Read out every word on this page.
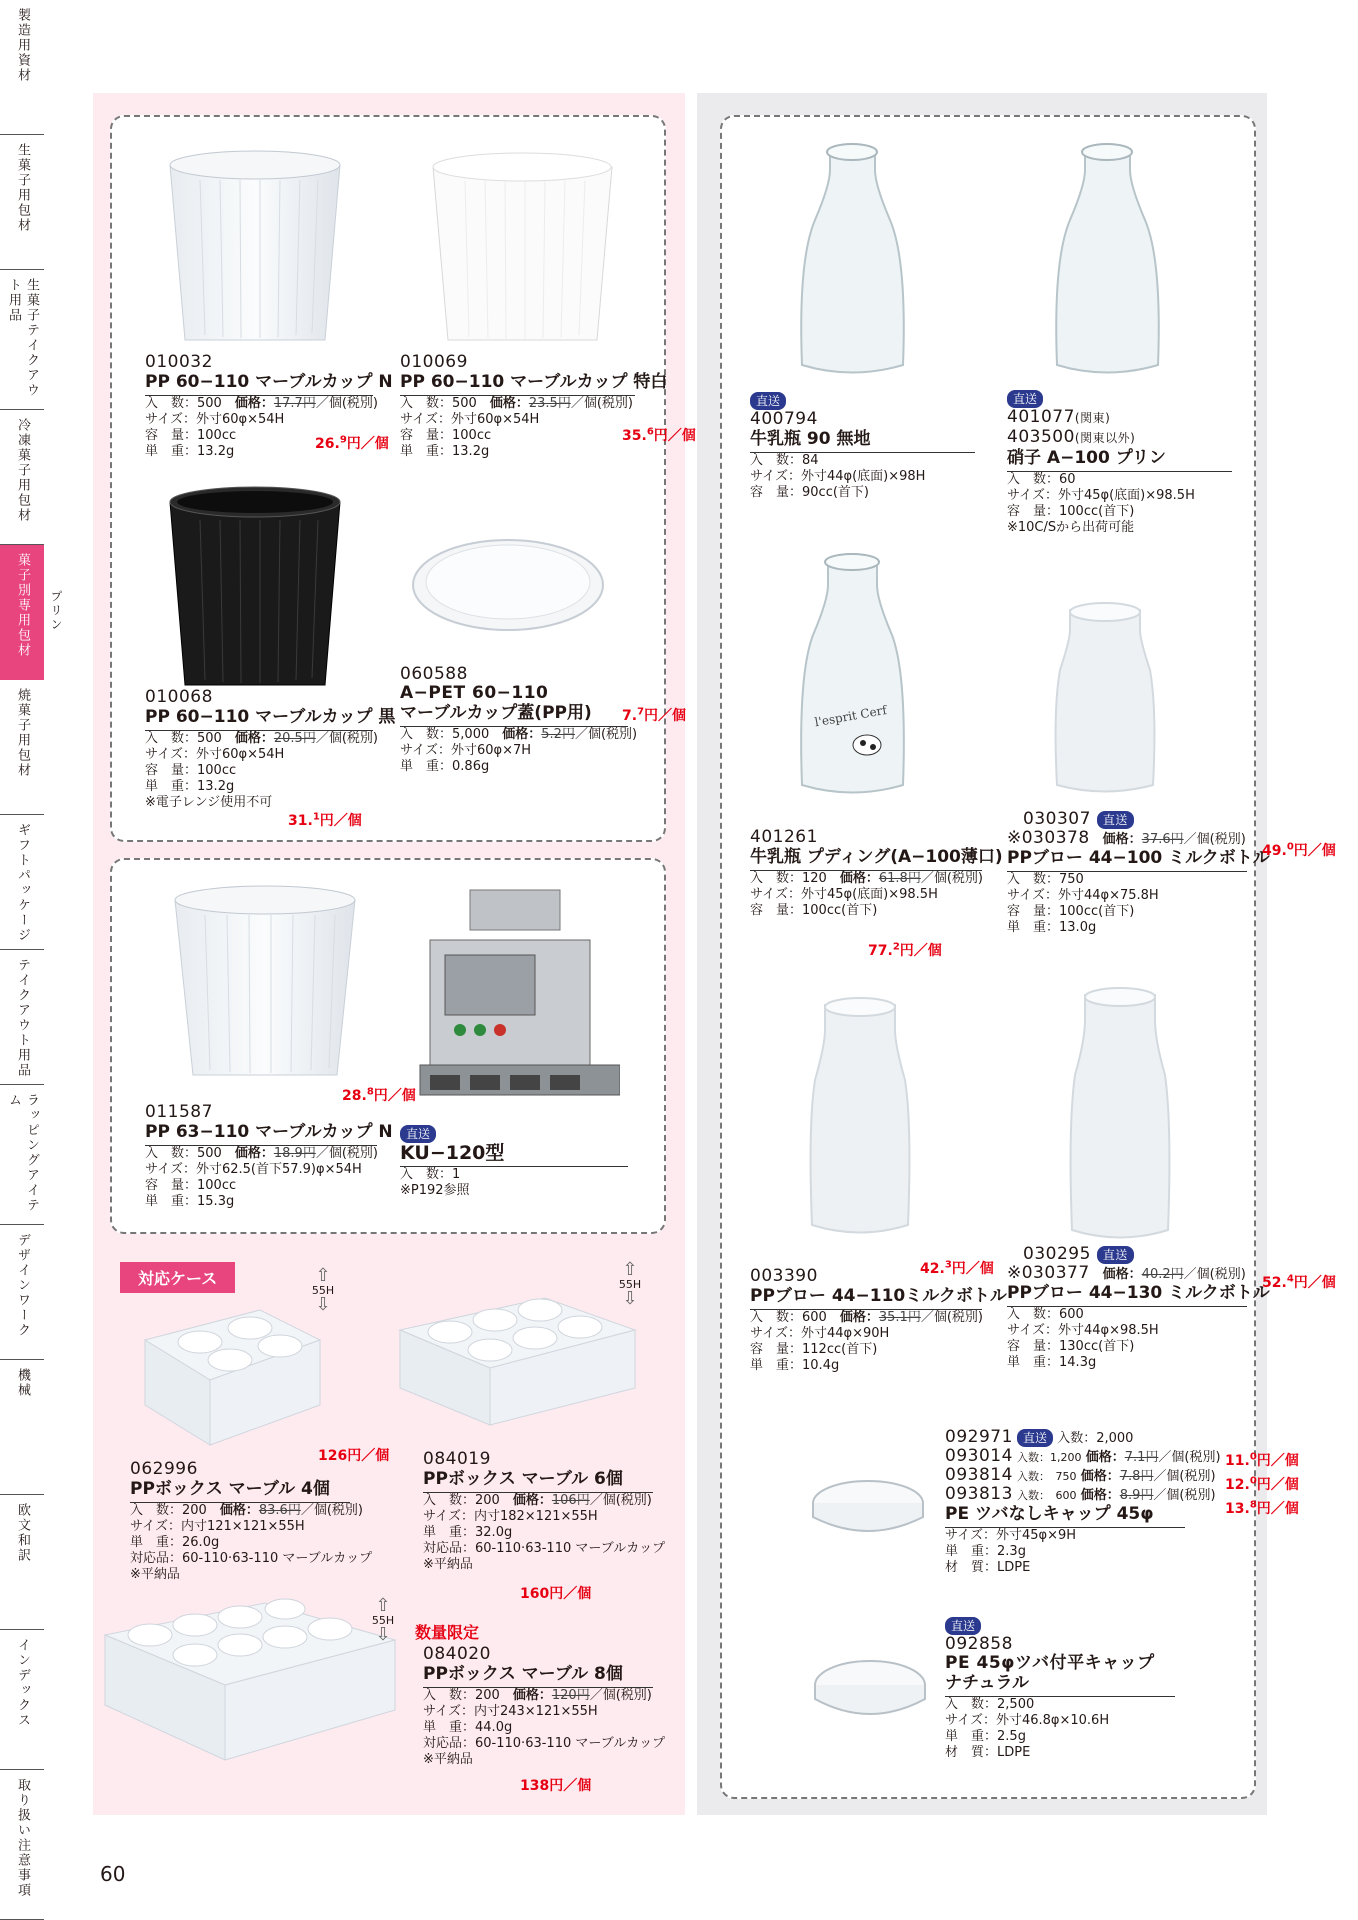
製造用資材
生菓子用包材
生菓子テイクアウト用品
冷凍菓子用包材
菓子別専用包材
焼菓子用包材
ギフトパッケージ
テイクアウト用品
ラッピングアイテム
デザインワーク
機械
欧文和訳
インデックス
取り扱い注意事項
プリン
l'esprit Cerf
010032
PP 60−110 マーブルカップ N
入　数：500　 価格：17.7円／個(税別)
サイズ：外寸60φ×54H
容　量：100cc
単　重：13.2g	26.$^9$円／個
010069
PP 60−110 マーブルカップ 特白
入　数：500　 価格：23.5円／個(税別)
サイズ：外寸60φ×54H
容　量：100cc
単　重：13.2g
35.$^6$円／個
010068
PP 60−110 マーブルカップ 黒
入　数：500　 価格：20.5円／個(税別)
サイズ：外寸60φ×54H
容　量：100cc
単　重：13.2g
※電子レンジ使用不可
31.$^1$円／個
060588
A−PET 60−110
マーブルカップ蓋(PP用)
入　数：5,000　 価格：5.2円／個(税別)
サイズ：外寸60φ×7H
単　重：0.86g
7.$^7$円／個
28.$^8$円／個
011587
PP 63−110 マーブルカップ N
入　数：500　 価格：18.9円／個(税別)
サイズ：外寸62.5(首下57.9)φ×54H
容　量：100cc
単　重：15.3g
直送
KU−120型
入　数：1
※P192参照
対応ケース	⇧
55H
⇩
⇧
55H
⇩
⇧
55H
⇩
126円／個
062996
PPボックス マーブル 4個
入　数：200　 価格：83.6円／個(税別)
サイズ：内寸121×121×55H
単　重：26.0g
対応品：60-110·63-110 マーブルカップ
※平納品
084019
PPボックス マーブル 6個
入　数：200　 価格：106円／個(税別)
サイズ：内寸182×121×55H
単　重：32.0g
対応品：60-110·63-110 マーブルカップ
※平納品
160円／個
数量限定
084020
PPボックス マーブル 8個
入　数：200　 価格：120円／個(税別)
サイズ：内寸243×121×55H
単　重：44.0g
対応品：60-110·63-110 マーブルカップ
※平納品
138円／個
直送
400794
牛乳瓶 90 無地
入　数：84
サイズ：外寸44φ(底面)×98H
容　量：90cc(首下)
直送
401077(関東)
403500(関東以外)
硝子 A−100 プリン
入　数：60
サイズ：外寸45φ(底面)×98.5H
容　量：100cc(首下)
※10C/Sから出荷可能
401261
牛乳瓶 プディング(A−100薄口)
入　数：120　 価格：61.8円／個(税別)
サイズ：外寸45φ(底面)×98.5H
容　量：100cc(首下)
77.$^2$円／個
030307 直送
※030378　 価格：37.6円／個(税別)
PPブロー 44−100 ミルクボトル
入　数：750
サイズ：外寸44φ×75.8H
容　量：100cc(首下)
単　重：13.0g
49.$^0$円／個
42.$^3$円／個
003390
PPブロー 44−110ミルクボトル
入　数：600　 価格：35.1円／個(税別)
サイズ：外寸44φ×90H
容　量：112cc(首下)
単　重：10.4g
030295 直送
※030377　 価格：40.2円／個(税別)
PPブロー 44−130 ミルクボトル
入　数：600
サイズ：外寸44φ×98.5H
容　量：130cc(首下)
単　重：14.3g
52.$^4$円／個
092971 直送 入数：2,000
093014 入数：1,200 価格：7.1円／個(税別)
093814 入数：　750 価格：7.8円／個(税別)
093813 入数：　600 価格：8.9円／個(税別)
PE ツバなしキャップ 45φ
サイズ：外寸45φ×9H
単　重：2.3g
材　質：LDPE
11.$^0$円／個
12.$^0$円／個
13.$^8$円／個
直送
092858
PE 45φツバ付平キャップ
ナチュラル
入　数：2,500
サイズ：外寸46.8φ×10.6H
単　重：2.5g
材　質：LDPE
60
